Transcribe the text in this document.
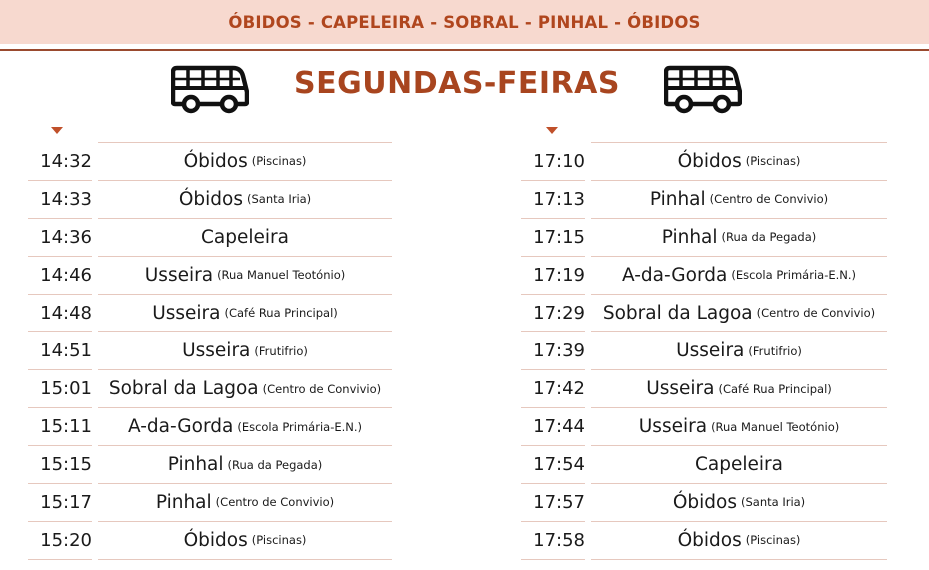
ÓBIDOS - CAPELEIRA - SOBRAL - PINHAL - ÓBIDOS
SEGUNDAS-FEIRAS
14:32	Óbidos (Piscinas)
14:33	Óbidos (Santa Iria)
14:36	Capeleira
14:46	Usseira (Rua Manuel Teotónio)
14:48	Usseira (Café Rua Principal)
14:51	Usseira (Frutifrio)
15:01 Sobral da Lagoa (Centro de Convivio)
15:11 A-da-Gorda (Escola Primária-E.N.)
15:15	Pinhal (Rua da Pegada)
15:17	Pinhal (Centro de Convivio)
15:20	Óbidos (Piscinas)
17:10	Óbidos (Piscinas)
17:13	Pinhal (Centro de Convivio)
17:15	Pinhal (Rua da Pegada)
17:19 A-da-Gorda (Escola Primária-E.N.)
17:29 Sobral da Lagoa (Centro de Convivio)
17:39	Usseira (Frutifrio)
17:42	Usseira (Café Rua Principal)
17:44	Usseira (Rua Manuel Teotónio)
17:54	Capeleira
17:57	Óbidos (Santa Iria)
17:58	Óbidos (Piscinas)
